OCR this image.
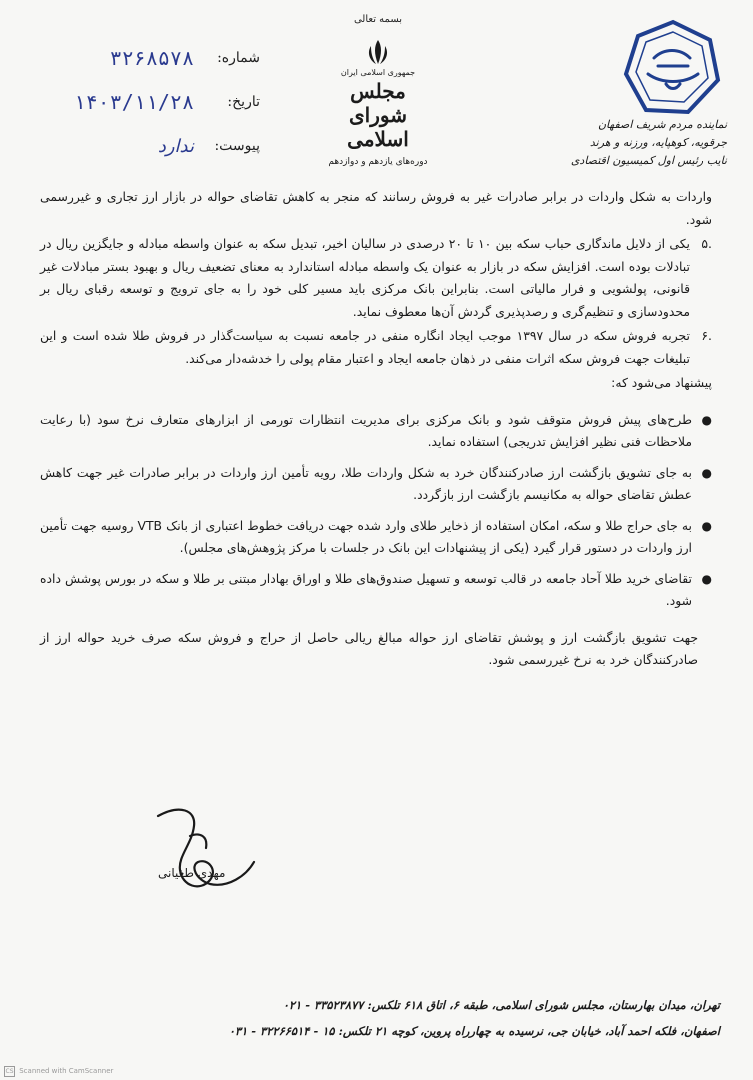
شماره:
۳۲۶۸۵۷۸
تاریخ:
۱۴۰۳/۱۱/۲۸
پیوست:
ندارد
بسمه تعالی
جمهوری اسلامی ایران
مجلس شورای اسلامی
دوره‌های یازدهم و دوازدهم
نماینده مردم شریف اصفهان
جرقویه، کوهپایه، ورزنه و هرند
نایب رئیس اول کمیسیون اقتصادی

واردات به شکل واردات در برابر صادرات غیر به فروش رسانند که منجر به کاهش تقاضای حواله در بازار ارز تجاری و غیررسمی شود.

.۵

یکی از دلایل ماندگاری حباب سکه بین ۱۰ تا ۲۰ درصدی در سالیان اخیر، تبدیل سکه به عنوان واسطه مبادله و جایگزین ریال در تبادلات بوده است. افزایش سکه در بازار به عنوان یک واسطه مبادله استاندارد به معنای تضعیف ریال و بهبود بستر مبادلات غیر قانونی، پولشویی و فرار مالیاتی است. بنابراین بانک مرکزی باید مسیر کلی خود را به جای ترویج و توسعه رقبای ریال بر محدودسازی و تنظیم‌گری و رصدپذیری گردش آن‌ها معطوف نماید.

.۶

تجربه فروش سکه در سال ۱۳۹۷ موجب ایجاد انگاره منفی در جامعه نسبت به سیاست‌گذار در فروش طلا شده است و این تبلیغات جهت فروش سکه اثرات منفی در ذهان جامعه ایجاد و اعتبار مقام پولی را خدشه‌دار می‌کند.

پیشنهاد می‌شود که:

●

طرح‌های پیش فروش متوقف شود و بانک مرکزی برای مدیریت انتظارات تورمی از ابزارهای متعارف نرخ سود (با رعایت ملاحظات فنی نظیر افزایش تدریجی) استفاده نماید.

●

به جای تشویق بازگشت ارز صادرکنندگان خرد به شکل واردات طلا، رویه تأمین ارز واردات در برابر صادرات غیر جهت کاهش عطش تقاضای حواله به مکانیسم بازگشت ارز بازگردد.

●

به جای حراج طلا و سکه، امکان استفاده از ذخایر طلای وارد شده جهت دریافت خطوط اعتباری از بانک VTB روسیه جهت تأمین ارز واردات در دستور قرار گیرد (یکی از پیشنهادات این بانک در جلسات با مرکز پژوهش‌های مجلس).

●

تقاضای خرید طلا آحاد جامعه در قالب توسعه و تسهیل صندوق‌های طلا و اوراق بهادار مبتنی بر طلا و سکه در بورس پوشش داده شود.

جهت تشویق بازگشت ارز و پوشش تقاضای ارز حواله مبالغ ریالی حاصل از حراج و فروش سکه صرف خرید حواله ارز از صادرکنندگان خرد به نرخ غیررسمی شود.

مهدی طغیانی
تهران، میدان بهارستان، مجلس شورای اسلامی، طبقه ۶، اتاق ۶۱۸ تلکس: ۳۳۵۲۳۸۷۷ - ۰۲۱
اصفهان، فلکه احمد آباد، خیابان جی، نرسیده به چهارراه پروین، کوچه ۲۱ تلکس: ۱۵ - ۳۲۲۶۶۵۱۴ - ۰۳۱
CS Scanned with CamScanner
